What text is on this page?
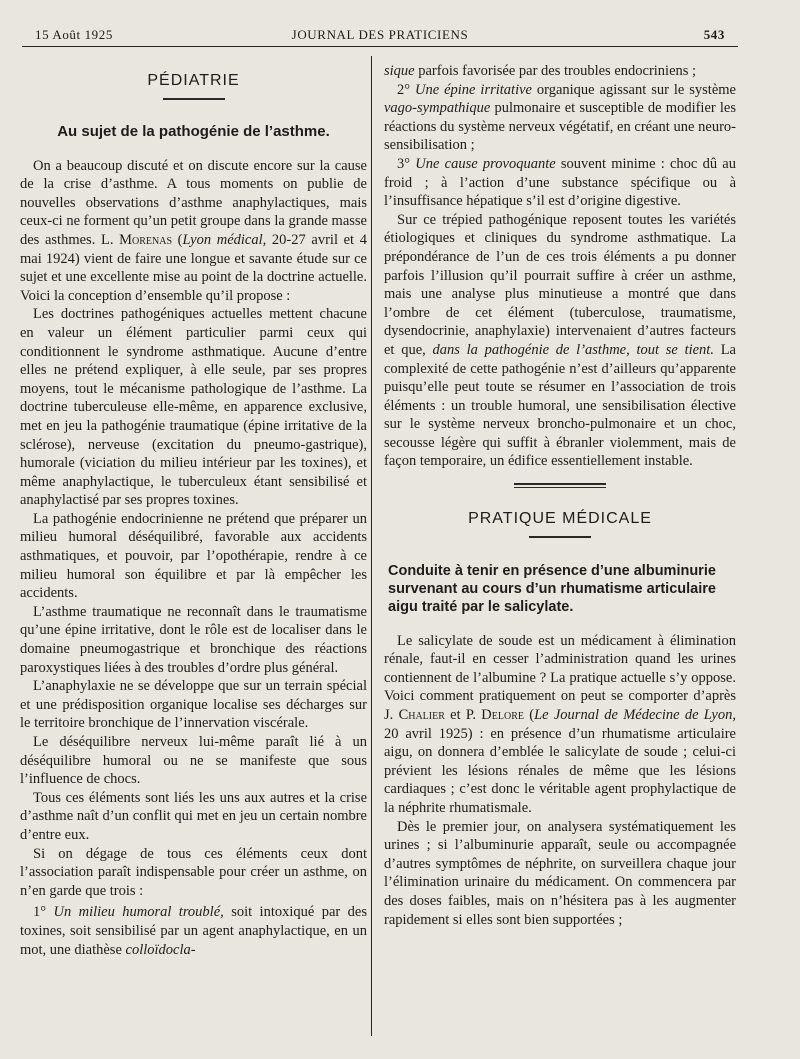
15 Août 1925	JOURNAL DES PRATICIENS	543
PÉDIATRIE
Au sujet de la pathogénie de l’asthme.

On a beaucoup discuté et on discute encore sur la cause de la crise d’asthme. A tous moments on publie de nouvelles observations d’asthme anaphylactiques, mais ceux-ci ne forment qu’un petit groupe dans la grande masse des asthmes. L. Morenas (Lyon médical, 20-27 avril et 4 mai 1924) vient de faire une longue et savante étude sur ce sujet et une excellente mise au point de la doctrine actuelle. Voici la conception d’ensemble qu’il propose :

Les doctrines pathogéniques actuelles mettent chacune en valeur un élément particulier parmi ceux qui conditionnent le syndrome asthmatique. Aucune d’entre elles ne prétend expliquer, à elle seule, par ses propres moyens, tout le mécanisme pathologique de l’asthme. La doctrine tuberculeuse elle-même, en apparence exclusive, met en jeu la pathogénie traumatique (épine irritative de la sclérose), nerveuse (excitation du pneumo-gastrique), humorale (viciation du milieu intérieur par les toxines), et même anaphylactique, le tuberculeux étant sensibilisé et anaphylactisé par ses propres toxines.

La pathogénie endocrinienne ne prétend que préparer un milieu humoral déséquilibré, favorable aux accidents asthmatiques, et pouvoir, par l’opothérapie, rendre à ce milieu humoral son équilibre et par là empêcher les accidents.

L’asthme traumatique ne reconnaît dans le traumatisme qu’une épine irritative, dont le rôle est de localiser dans le domaine pneumogastrique et bronchique des réactions paroxystiques liées à des troubles d’ordre plus général.

L’anaphylaxie ne se développe que sur un terrain spécial et une prédisposition organique localise ses décharges sur le territoire bronchique de l’innervation viscérale.

Le déséquilibre nerveux lui-même paraît lié à un déséquilibre humoral ou ne se manifeste que sous l’influence de chocs.

Tous ces éléments sont liés les uns aux autres et la crise d’asthme naît d’un conflit qui met en jeu un certain nombre d’entre eux.

Si on dégage de tous ces éléments ceux dont l’association paraît indispensable pour créer un asthme, on n’en garde que trois :

1° Un milieu humoral troublé, soit intoxiqué par des toxines, soit sensibilisé par un agent anaphylactique, en un mot, une diathèse colloïdocla-

sique parfois favorisée par des troubles endocriniens ;

2° Une épine irritative organique agissant sur le système vago-sympathique pulmonaire et susceptible de modifier les réactions du système nerveux végétatif, en créant une neuro-sensibilisation ;

3° Une cause provoquante souvent minime : choc dû au froid ; à l’action d’une substance spécifique ou à l’insuffisance hépatique s’il est d’origine digestive.

Sur ce trépied pathogénique reposent toutes les variétés étiologiques et cliniques du syndrome asthmatique. La prépondérance de l’un de ces trois éléments a pu donner parfois l’illusion qu’il pourrait suffire à créer un asthme, mais une analyse plus minutieuse a montré que dans l’ombre de cet élément (tuberculose, traumatisme, dysendocrinie, anaphylaxie) intervenaient d’autres facteurs et que, dans la pathogénie de l’asthme, tout se tient. La complexité de cette pathogénie n’est d’ailleurs qu’apparente puisqu’elle peut toute se résumer en l’association de trois éléments : un trouble humoral, une sensibilisation élective sur le système nerveux broncho-pulmonaire et un choc, secousse légère qui suffit à ébranler violemment, mais de façon temporaire, un édifice essentiellement instable.

PRATIQUE MÉDICALE
Conduite à tenir en présence d’une albuminurie survenant au cours d’un rhumatisme articulaire aigu traité par le salicylate.

Le salicylate de soude est un médicament à élimination rénale, faut-il en cesser l’administration quand les urines contiennent de l’albumine ? La pratique actuelle s’y oppose. Voici comment pratiquement on peut se comporter d’après J. Chalier et P. Delore (Le Journal de Médecine de Lyon, 20 avril 1925) : en présence d’un rhumatisme articulaire aigu, on donnera d’emblée le salicylate de soude ; celui-ci prévient les lésions rénales de même que les lésions cardiaques ; c’est donc le véritable agent prophylactique de la néphrite rhumatismale.

Dès le premier jour, on analysera systématiquement les urines ; si l’albuminurie apparaît, seule ou accompagnée d’autres symptômes de néphrite, on surveillera chaque jour l’élimination urinaire du médicament. On commencera par des doses faibles, mais on n’hésitera pas à les augmenter rapidement si elles sont bien supportées ;
